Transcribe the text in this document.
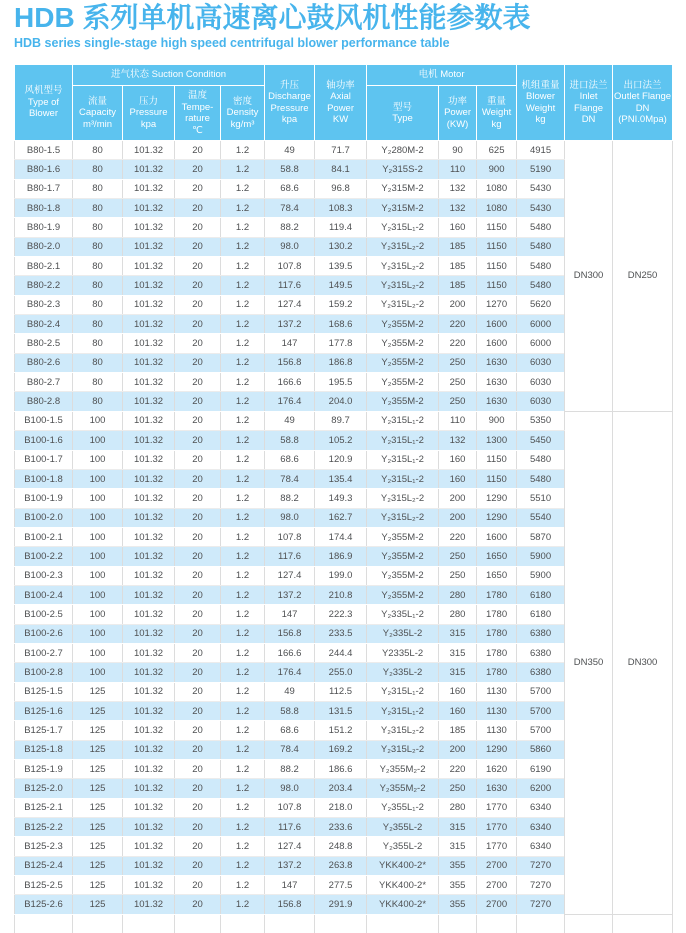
HDB 系列单机高速离心鼓风机性能参数表
HDB series single-stage high speed centrifugal blower performance table
风机型号
Type of
Blower

进气状态 Suction Condition

升压
Discharge
Pressure
kpa

轴功率
Axial
Power
KW

电机 Motor

机组重量
Blower
Weight
kg

进口法兰
Inlet
Flange
DN

出口法兰
Outlet Flange
DN
(PNI.0Mpa)

流量
Capacity
m³/min

压力
Pressure
kpa

温度
Tempe-
rature
℃

密度
Density
kg/m³

型号
Type

功率
Power
(KW)

重量
Weight
kg

B80-1.5	80	101.32	20	1.2	49	71.7	Y₂280M-2	90	625	4915	DN300	DN250
B80-1.6	80	101.32	20	1.2	58.8	84.1	Y₂315S-2	110	900	5190		
B80-1.7	80	101.32	20	1.2	68.6	96.8	Y₂315M-2	132	1080	5430		
B80-1.8	80	101.32	20	1.2	78.4	108.3	Y₂315M-2	132	1080	5430		
B80-1.9	80	101.32	20	1.2	88.2	119.4	Y₂315L₁-2	160	1150	5480		
B80-2.0	80	101.32	20	1.2	98.0	130.2	Y₂315L₂-2	185	1150	5480		
B80-2.1	80	101.32	20	1.2	107.8	139.5	Y₂315L₂-2	185	1150	5480		
B80-2.2	80	101.32	20	1.2	117.6	149.5	Y₂315L₂-2	185	1150	5480		
B80-2.3	80	101.32	20	1.2	127.4	159.2	Y₂315L₂-2	200	1270	5620		
B80-2.4	80	101.32	20	1.2	137.2	168.6	Y₂355M-2	220	1600	6000		
B80-2.5	80	101.32	20	1.2	147	177.8	Y₂355M-2	220	1600	6000		
B80-2.6	80	101.32	20	1.2	156.8	186.8	Y₂355M-2	250	1630	6030		
B80-2.7	80	101.32	20	1.2	166.6	195.5	Y₂355M-2	250	1630	6030		
B80-2.8	80	101.32	20	1.2	176.4	204.0	Y₂355M-2	250	1630	6030		
B100-1.5	100	101.32	20	1.2	49	89.7	Y₂315L₁-2	110	900	5350	DN350	DN300
B100-1.6	100	101.32	20	1.2	58.8	105.2	Y₂315L₁-2	132	1300	5450		
B100-1.7	100	101.32	20	1.2	68.6	120.9	Y₂315L₁-2	160	1150	5480		
B100-1.8	100	101.32	20	1.2	78.4	135.4	Y₂315L₁-2	160	1150	5480		
B100-1.9	100	101.32	20	1.2	88.2	149.3	Y₂315L₂-2	200	1290	5510		
B100-2.0	100	101.32	20	1.2	98.0	162.7	Y₂315L₂-2	200	1290	5540		
B100-2.1	100	101.32	20	1.2	107.8	174.4	Y₂355M-2	220	1600	5870		
B100-2.2	100	101.32	20	1.2	117.6	186.9	Y₂355M-2	250	1650	5900		
B100-2.3	100	101.32	20	1.2	127.4	199.0	Y₂355M-2	250	1650	5900		
B100-2.4	100	101.32	20	1.2	137.2	210.8	Y₂355M-2	280	1780	6180		
B100-2.5	100	101.32	20	1.2	147	222.3	Y₂335L₁-2	280	1780	6180		
B100-2.6	100	101.32	20	1.2	156.8	233.5	Y₂335L-2	315	1780	6380		
B100-2.7	100	101.32	20	1.2	166.6	244.4	Y2335L-2	315	1780	6380		
B100-2.8	100	101.32	20	1.2	176.4	255.0	Y₂335L-2	315	1780	6380		
B125-1.5	125	101.32	20	1.2	49	112.5	Y₂315L₁-2	160	1130	5700		
B125-1.6	125	101.32	20	1.2	58.8	131.5	Y₂315L₁-2	160	1130	5700		
B125-1.7	125	101.32	20	1.2	68.6	151.2	Y₂315L₂-2	185	1130	5700		
B125-1.8	125	101.32	20	1.2	78.4	169.2	Y₂315L₂-2	200	1290	5860		
B125-1.9	125	101.32	20	1.2	88.2	186.6	Y₂355M₂-2	220	1620	6190		
B125-2.0	125	101.32	20	1.2	98.0	203.4	Y₂355M₂-2	250	1630	6200		
B125-2.1	125	101.32	20	1.2	107.8	218.0	Y₂355L₁-2	280	1770	6340		
B125-2.2	125	101.32	20	1.2	117.6	233.6	Y₂355L-2	315	1770	6340		
B125-2.3	125	101.32	20	1.2	127.4	248.8	Y₂355L-2	315	1770	6340		
B125-2.4	125	101.32	20	1.2	137.2	263.8	YKK400-2*	355	2700	7270		
B125-2.5	125	101.32	20	1.2	147	277.5	YKK400-2*	355	2700	7270		
B125-2.6	125	101.32	20	1.2	156.8	291.9	YKK400-2*	355	2700	7270		
